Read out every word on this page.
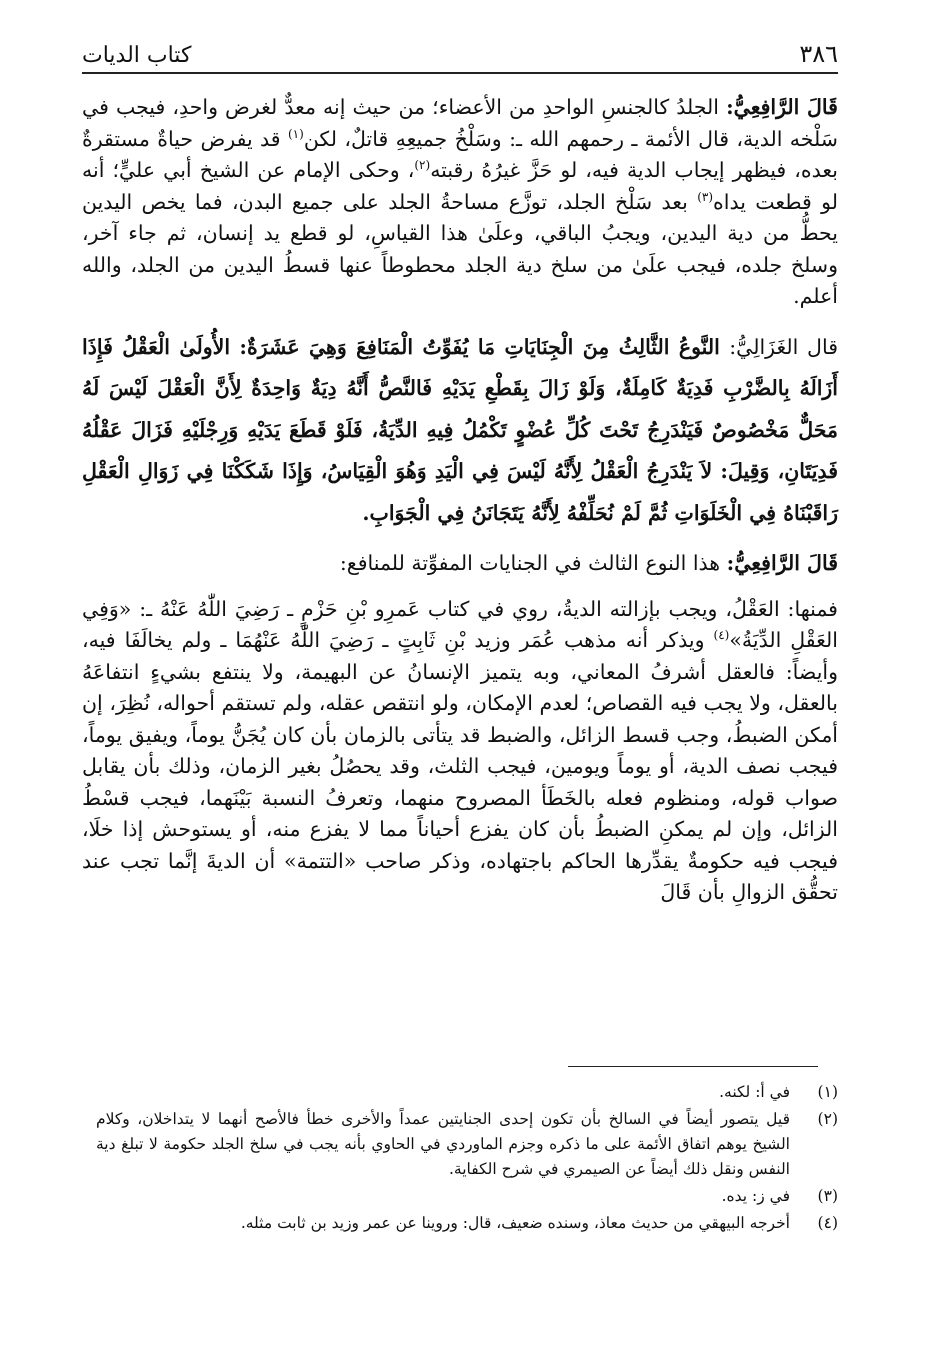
٣٨٦
كتاب الديات

قَالَ الرَّافِعِيُّ: الجلدُ كالجنسِ الواحدِ من الأعضاء؛ من حيث إنه معدٌّ لغرض واحدِ، فيجب في سَلْخه الدية، قال الأئمة ـ رحمهم الله ـ: وسَلْخُ جميعِهِ قاتلٌ، لكن$^{(١)}$ قد يفرض حياةٌ مستقرةٌ بعده، فيظهر إيجاب الدية فيه، لو حَزَّ غيرُهُ رقبته$^{(٢)}$، وحكى الإمام عن الشيخ أبي عليٍّ؛ أنه لو قطعت يداه$^{(٣)}$ بعد سَلْخ الجلد، توزَّع مساحةُ الجلد على جميع البدن، فما يخص اليدين يحطُّ من دية اليدين، ويجبُ الباقي، وعلَىٰ هذا القياسِ، لو قطع يد إنسان، ثم جاء آخر، وسلخ جلده، فيجب علَىٰ من سلخ دية الجلد محطوطاً عنها قسطُ اليدين من الجلد، والله أعلم.

قال الغَزَالِيُّ: النَّوعُ الثَّالِثُ مِنَ الْجِنَايَاتِ مَا يُفَوِّتُ الْمَنَافِعَ وَهِيَ عَشَرَةٌ: الأُولَىٰ الْعَقْلُ فَإِذَا أَزَالَهُ بِالضَّرْبِ فَدِيَةٌ كَامِلَةٌ، وَلَوْ زَالَ بِقَطْعِ يَدَيْهِ فَالنَّصُّ أَنَّهُ دِيَةٌ وَاحِدَةٌ لِأَنَّ الْعَقْلَ لَيْسَ لَهُ مَحَلٌّ مَخْصُوصٌ فَيَنْدَرِجُ تَحْتَ كُلِّ عُضْوٍ تَكْمُلُ فِيهِ الدِّيَةُ، فَلَوْ قَطَعَ يَدَيْهِ وَرِجْلَيْهِ فَزَالَ عَقْلُهُ فَدِيَتَانِ، وَقِيلَ: لاَ يَنْدَرِجُ الْعَقْلُ لِأَنَّهُ لَيْسَ فِي الْيَدِ وَهُوَ الْقِيَاسُ، وَإِذَا شَكَكْنَا فِي زَوَالِ الْعَقْلِ رَاقَبْنَاهُ فِي الْخَلَوَاتِ ثُمَّ لَمْ نُحَلِّفْهُ لِأَنَّهُ يَتَجَانَنُ فِي الْجَوَابِ.

قَالَ الرَّافِعِيُّ: هذا النوع الثالث في الجنايات المفوِّتة للمنافع:

فمنها: العَقْلُ، ويجب بإزالته الديةُ، روي في كتاب عَمرِو بْنِ حَزْمٍ ـ رَضِيَ اللّٰهُ عَنْهُ ـ: «وَفِي العَقْلِ الدِّيَةُ»$^{(٤)}$ ويذكر أنه مذهب عُمَر وزيد بْنِ ثَابِتٍ ـ رَضِيَ اللّٰهُ عَنْهُمَا ـ ولم يخالَفَا فيه، وأيضاً: فالعقل أشرفُ المعاني، وبه يتميز الإنسانُ عن البهيمة، ولا ينتفع بشيءٍ انتفاعَهُ بالعقل، ولا يجب فيه القصاص؛ لعدم الإمكان، ولو انتقص عقله، ولم تستقم أحواله، نُظِرَ، إن أمكن الضبطُ، وجب قسط الزائل، والضبط قد يتأتى بالزمان بأن كان يُجَنُّ يوماً، ويفيق يوماً، فيجب نصف الدية، أو يوماً ويومين، فيجب الثلث، وقد يحصُلُ بغير الزمان، وذلك بأن يقابل صواب قوله، ومنظوم فعله بالخَطَأ المصروح منهما، وتعرفُ النسبة بَيْنَهما، فيجب قسْطُ الزائل، وإن لم يمكنِ الضبطُ بأن كان يفزع أحياناً مما لا يفزع منه، أو يستوحش إذا خلَا، فيجب فيه حكومةٌ يقدِّرها الحاكم باجتهاده، وذكر صاحب «التتمة» أن الديةَ إنَّما تجب عند تحقُّق الزوالِ بأن قَالَ

(١)
في أ: لكنه.
(٢)
قيل يتصور أيضاً في السالخ بأن تكون إحدى الجنايتين عمداً والأخرى خطأ فالأصح أنهما لا يتداخلان، وكلام الشيخ يوهم اتفاق الأئمة على ما ذكره وجزم الماوردي في الحاوي بأنه يجب في سلخ الجلد حكومة لا تبلغ دية النفس ونقل ذلك أيضاً عن الصيمري في شرح الكفاية.
(٣)
في ز: يده.
(٤)
أخرجه البيهقي من حديث معاذ، وسنده ضعيف، قال: وروينا عن عمر وزيد بن ثابت مثله.
